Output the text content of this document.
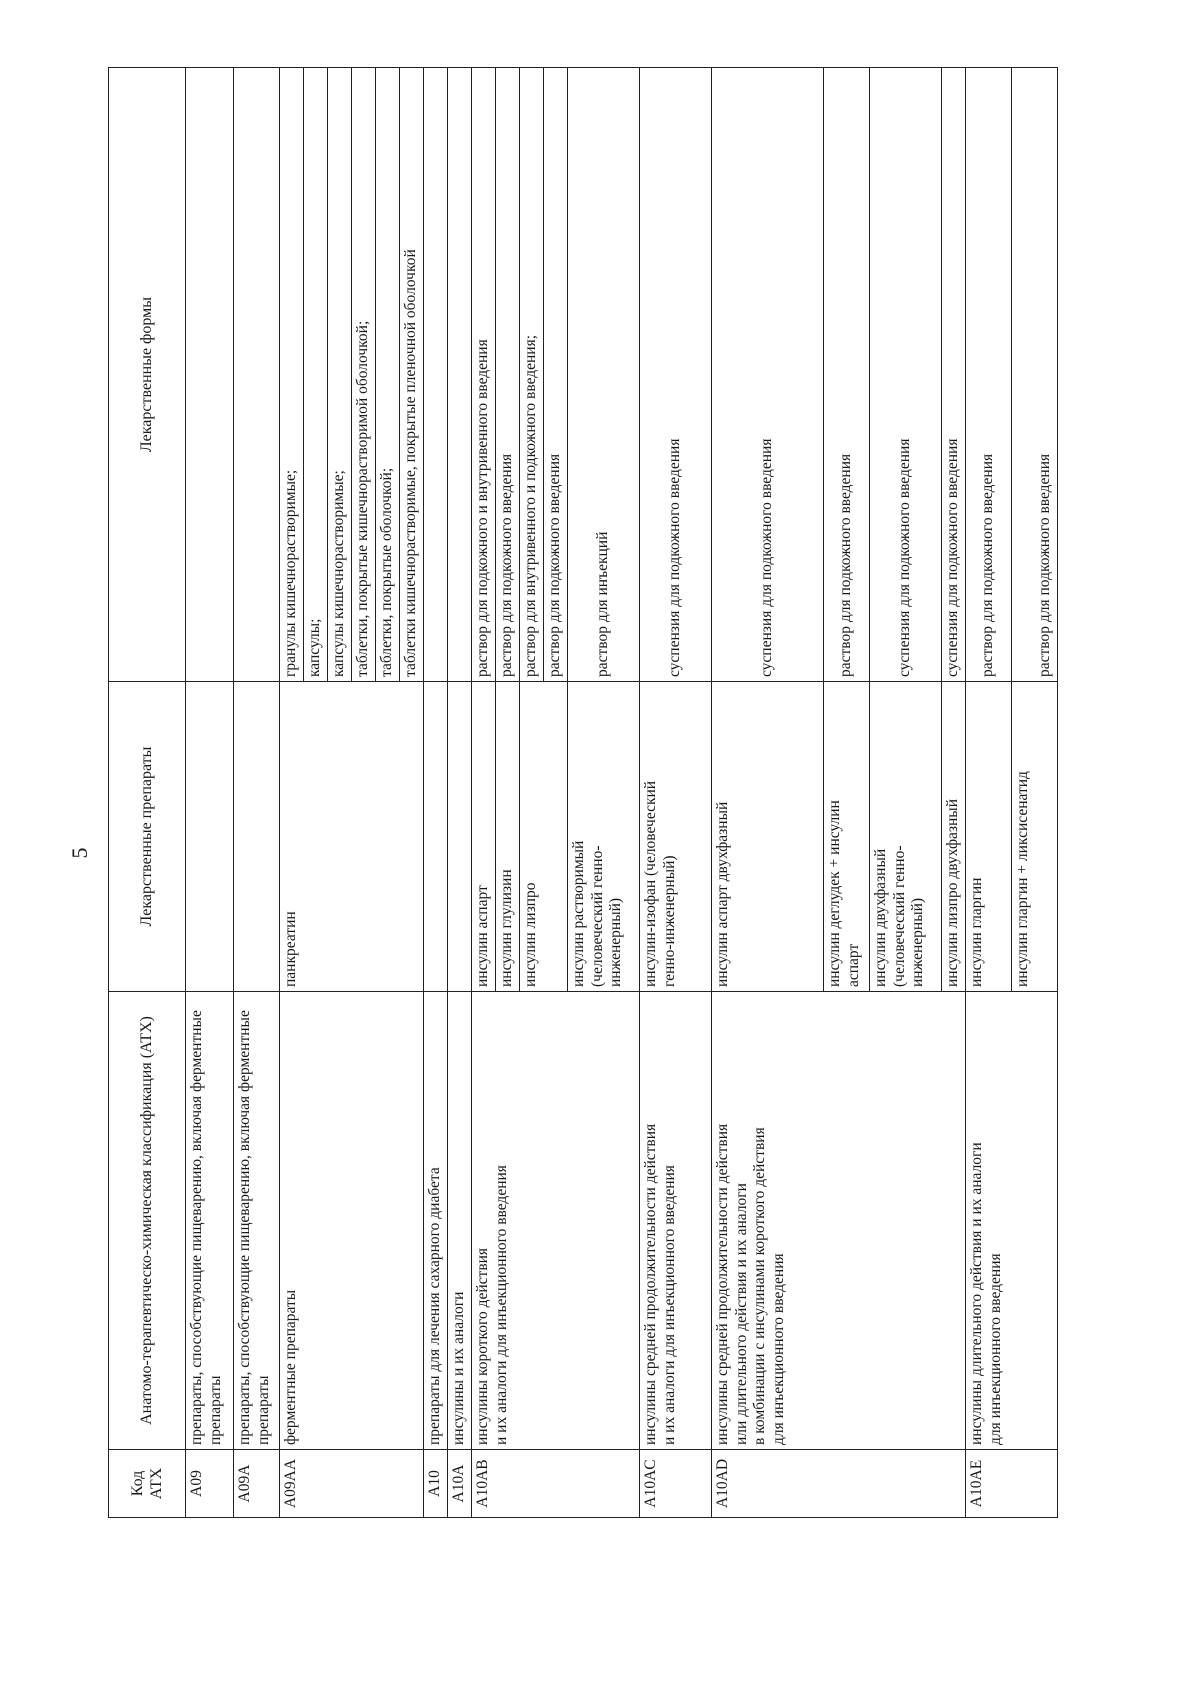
5
Код АТХ	Анатомо-терапевтическо-химическая классификация (АТХ)	Лекарственные препараты	Лекарственные формы
A09	препараты, способствующие пищеварению, включая ферментные препараты		
A09A	препараты, способствующие пищеварению, включая ферментные препараты		
A09AA	ферментные препараты	панкреатин	гранулы кишечнорастворимые;
			капсулы;
			капсулы кишечнорастворимые;
			таблетки, покрытые кишечнорастворимой оболочкой;
			таблетки, покрытые оболочкой;
			таблетки кишечнорастворимые, покрытые пленочной оболочкой
A10	препараты для лечения сахарного диабета		
A10A	инсулины и их аналоги		
A10AB	инсулины короткого действия
и их аналоги для инъекционного введения	инсулин аспарт	раствор для подкожного и внутривенного введения
		инсулин глулизин	раствор для подкожного введения
		инсулин лизпро	раствор для внутривенного и подкожного введения;
			раствор для подкожного введения

		инсулин растворимый
(человеческий генно-
инженерный)	раствор для инъекций
A10AC	инсулины средней продолжительности действия
и их аналоги для инъекционного введения	инсулин-изофан (человеческий
генно-инженерный)	суспензия для подкожного введения
A10AD	инсулины средней продолжительности действия
или длительного действия и их аналоги
в комбинации с инсулинами короткого действия
для инъекционного введения	инсулин аспарт двухфазный	суспензия для подкожного введения

		инсулин деглудек + инсулин
аспарт	раствор для подкожного введения

		инсулин двухфазный
(человеческий генно-
инженерный)	суспензия для подкожного введения
		инсулин лизпро двухфазный	суспензия для подкожного введения
A10AE	инсулины длительного действия и их аналоги
для инъекционного введения	инсулин гларгин	раствор для подкожного введения
		инсулин гларгин + ликсисенатид	раствор для подкожного введения
